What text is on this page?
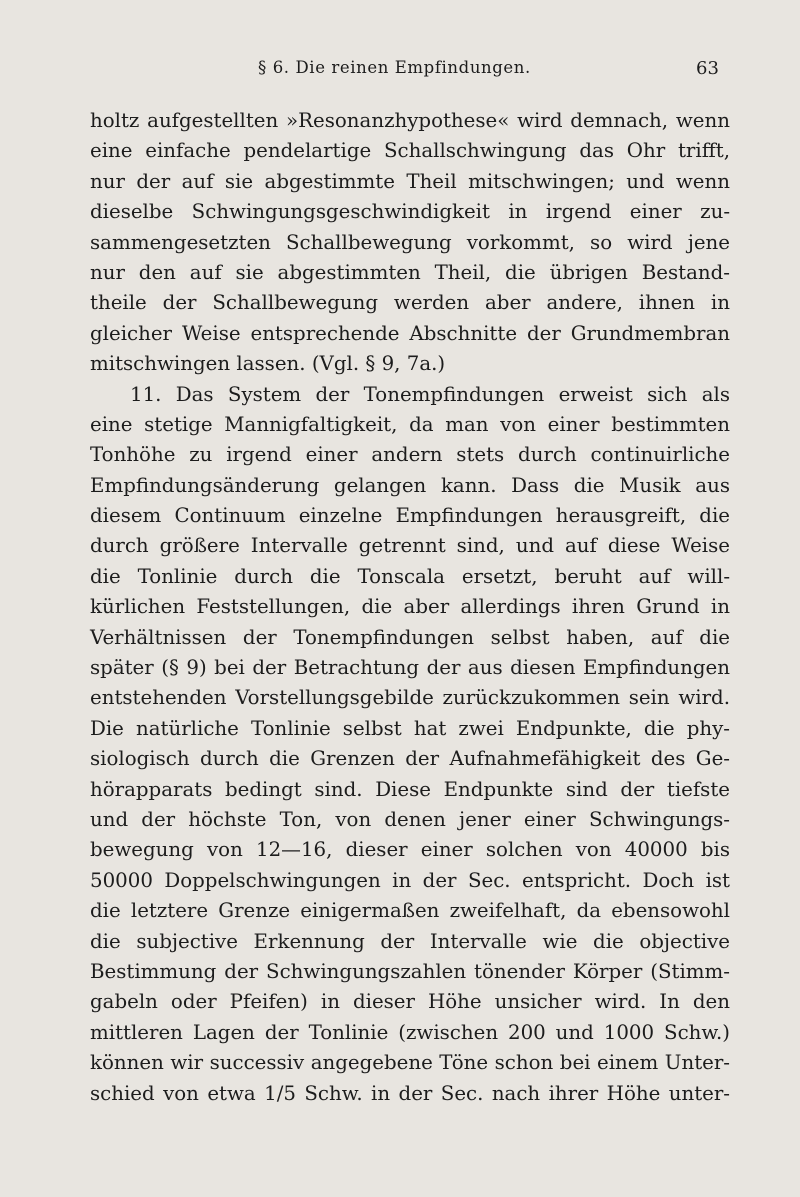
§ 6. Die reinen Empfindungen.	63
holtz aufgestellten »Resonanzhypothese« wird demnach, wenn
eine einfache pendelartige Schallschwingung das Ohr trifft,
nur der auf sie abgestimmte Theil mitschwingen; und wenn
dieselbe Schwingungsgeschwindigkeit in irgend einer zu-
sammengesetzten Schallbewegung vorkommt, so wird jene
nur den auf sie abgestimmten Theil, die übrigen Bestand-
theile der Schallbewegung werden aber andere, ihnen in
gleicher Weise entsprechende Abschnitte der Grundmembran
mitschwingen lassen. (Vgl. § 9, 7a.)
11. Das System der Tonempfindungen erweist sich als
eine stetige Mannigfaltigkeit, da man von einer bestimmten
Tonhöhe zu irgend einer andern stets durch continuirliche
Empfindungsänderung gelangen kann. Dass die Musik aus
diesem Continuum einzelne Empfindungen herausgreift, die
durch größere Intervalle getrennt sind, und auf diese Weise
die Tonlinie durch die Tonscala ersetzt, beruht auf will-
kürlichen Feststellungen, die aber allerdings ihren Grund in
Verhältnissen der Tonempfindungen selbst haben, auf die
später (§ 9) bei der Betrachtung der aus diesen Empfindungen
entstehenden Vorstellungsgebilde zurückzukommen sein wird.
Die natürliche Tonlinie selbst hat zwei Endpunkte, die phy-
siologisch durch die Grenzen der Aufnahmefähigkeit des Ge-
hörapparats bedingt sind. Diese Endpunkte sind der tiefste
und der höchste Ton, von denen jener einer Schwingungs-
bewegung von 12—16, dieser einer solchen von 40000 bis
50000 Doppelschwingungen in der Sec. entspricht. Doch ist
die letztere Grenze einigermaßen zweifelhaft, da ebensowohl
die subjective Erkennung der Intervalle wie die objective
Bestimmung der Schwingungszahlen tönender Körper (Stimm-
gabeln oder Pfeifen) in dieser Höhe unsicher wird. In den
mittleren Lagen der Tonlinie (zwischen 200 und 1000 Schw.)
können wir successiv angegebene Töne schon bei einem Unter-
schied von etwa 1/5 Schw. in der Sec. nach ihrer Höhe unter-
